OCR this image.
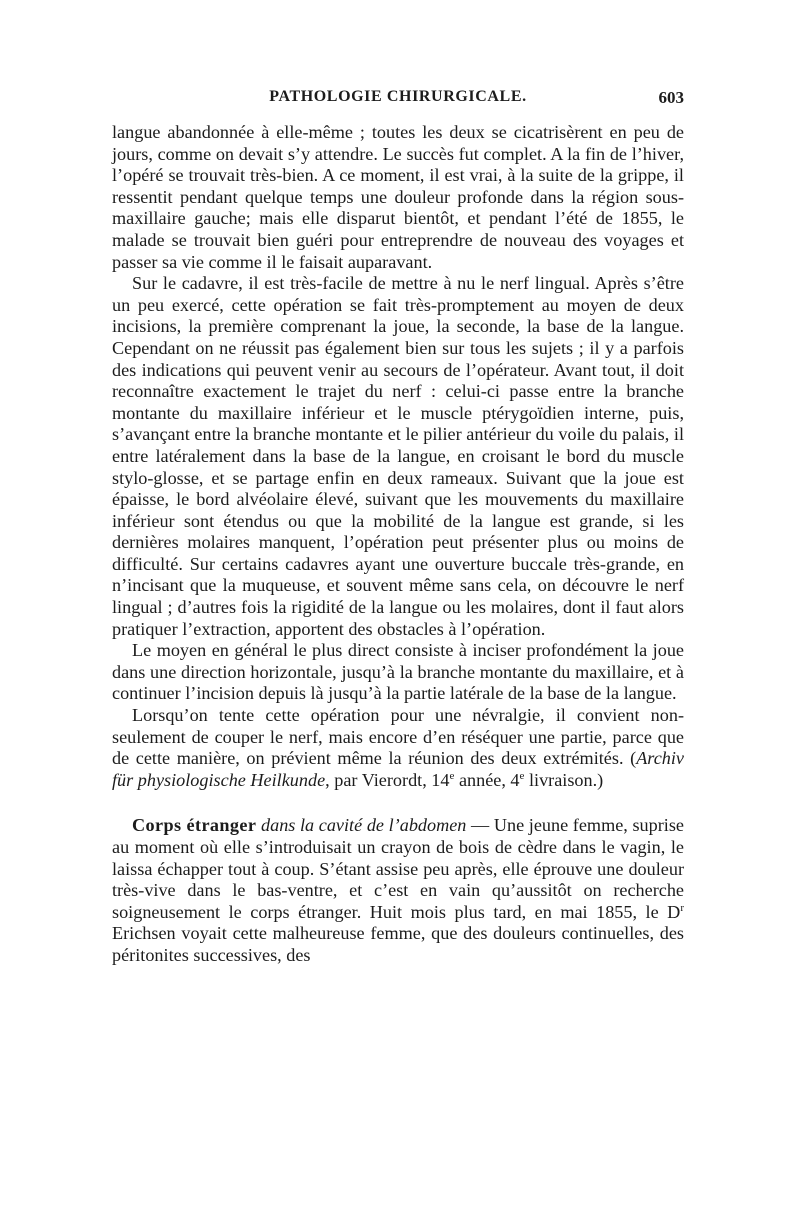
PATHOLOGIE CHIRURGICALE.	603

langue abandonnée à elle-même ; toutes les deux se cicatrisèrent en peu de jours, comme on devait s’y attendre. Le succès fut complet. A la fin de l’hiver, l’opéré se trouvait très-bien. A ce moment, il est vrai, à la suite de la grippe, il ressentit pendant quelque temps une douleur profonde dans la région sous-maxillaire gauche; mais elle disparut bientôt, et pendant l’été de 1855, le malade se trouvait bien guéri pour entreprendre de nouveau des voyages et passer sa vie comme il le faisait auparavant.

Sur le cadavre, il est très-facile de mettre à nu le nerf lingual. Après s’être un peu exercé, cette opération se fait très-promptement au moyen de deux incisions, la première comprenant la joue, la seconde, la base de la langue. Cependant on ne réussit pas également bien sur tous les sujets ; il y a parfois des indications qui peuvent venir au secours de l’opérateur. Avant tout, il doit reconnaître exactement le trajet du nerf : celui-ci passe entre la branche montante du maxillaire inférieur et le muscle ptérygoïdien interne, puis, s’avançant entre la branche montante et le pilier antérieur du voile du palais, il entre latéralement dans la base de la langue, en croisant le bord du muscle stylo-glosse, et se partage enfin en deux rameaux. Suivant que la joue est épaisse, le bord alvéolaire élevé, suivant que les mouvements du maxillaire inférieur sont étendus ou que la mobilité de la langue est grande, si les dernières molaires manquent, l’opération peut présenter plus ou moins de difficulté. Sur certains cadavres ayant une ouverture buccale très-grande, en n’incisant que la muqueuse, et souvent même sans cela, on découvre le nerf lingual ; d’autres fois la rigidité de la langue ou les molaires, dont il faut alors pratiquer l’extraction, apportent des obstacles à l’opération.

Le moyen en général le plus direct consiste à inciser profondément la joue dans une direction horizontale, jusqu’à la branche montante du maxillaire, et à continuer l’incision depuis là jusqu’à la partie latérale de la base de la langue.

Lorsqu’on tente cette opération pour une névralgie, il convient non-seulement de couper le nerf, mais encore d’en réséquer une partie, parce que de cette manière, on prévient même la réunion des deux extrémités. (Archiv für physiologische Heilkunde, par Vierordt, 14e année, 4e livraison.)

Corps étranger dans la cavité de l’abdomen — Une jeune femme, suprise au moment où elle s’introduisait un crayon de bois de cèdre dans le vagin, le laissa échapper tout à coup. S’étant assise peu après, elle éprouve une douleur très-vive dans le bas-ventre, et c’est en vain qu’aussitôt on recherche soigneusement le corps étranger. Huit mois plus tard, en mai 1855, le $D^r$ Erichsen voyait cette malheureuse femme, que des douleurs continuelles, des péritonites successives, des
